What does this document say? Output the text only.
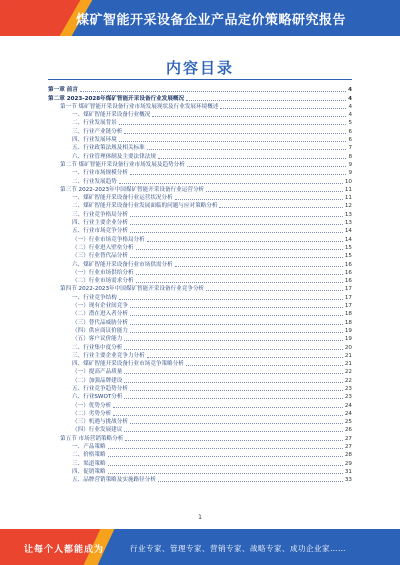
煤矿智能开采设备企业产品定价策略研究报告
内容目录
第一章 前言	4
第二章 2023-2028年煤矿智能开采设备行业发展概况	4
第一节 煤矿智能开采设备行业市场发展现状及行业发展环境概述	4
一、煤矿智能开采设备行业概况	4
二、行业发展背景	5
三、行业产业链分析	6
四、行业发展环境	6
五、行业政策法规及相关标准	7
六、行业管理体制及主要法律法规	8
第二节 煤矿智能开采设备行业市场发展及趋势分析	9
一、行业市场规模分析	9
二、行业发展趋势	10
第三节 2022-2023年中国煤矿智能开采设备行业运营分析	11
一、煤矿智能开采设备行业运营状况分析	11
二、煤矿智能开采设备行业发展面临的问题与应对策略分析	12
三、行业竞争格局分析	13
四、行业主要企业分析	13
五、行业市场竞争分析	14
（一）行业市场竞争格局分析	14
（二）行业进入壁垒分析	15
（三）行业替代品分析	15
六、煤矿智能开采设备行业市场供需分析	16
（一）行业市场供给分析	16
（二）行业市场需求分析	16
第四节 2022-2023年中国煤矿智能开采设备行业竞争分析	17
一、行业竞争结构	17
（一）现有企业间竞争	17
（二）潜在进入者分析	18
（三）替代品威胁分析	18
（四）供应商议价能力	19
（五）客户议价能力	19
二、行业集中度分析	20
三、行业主要企业竞争力分析	21
四、煤矿智能开采设备行业市场竞争策略分析	21
（一）提高产品质量	22
（二）加强品牌建设	22
五、行业竞争趋势分析	23
六、行业SWOT分析	23
（一）优势分析	24
（二）劣势分析	24
（三）机遇与挑战分析	25
（四）行业发展建议	26
第五节 市场营销策略分析	27
一、产品策略	27
二、价格策略	28
三、渠道策略	29
四、促销策略	31
五、品牌营销策略及实施路径分析	33
1
让每个人都能成为	行业专家、管理专家、营销专家、战略专家、成功企业家……
